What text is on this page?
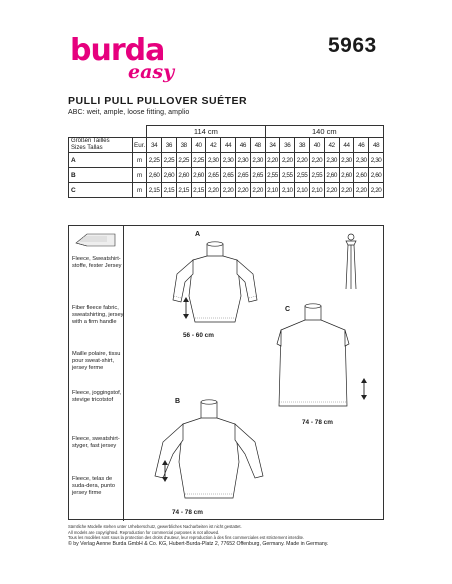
burda
easy
5963
PULLI PULL PULLOVER SUÉTER
ABC: weit, ample, loose fitting, amplio
		114 cm								140 cm							
Größen Tailles
Sizes Tallas	Eur.	34	36	38	40	42	44	46	48	34	36	38	40	42	44	46	48
A	m	2,25	2,25	2,25	2,25	2,30	2,30	2,30	2,30	2,20	2,20	2,20	2,20	2,30	2,30	2,30	2,30
B	m	2,60	2,60	2,60	2,60	2,65	2,65	2,65	2,65	2,55	2,55	2,55	2,55	2,60	2,60	2,60	2,60
C	m	2,15	2,15	2,15	2,15	2,20	2,20	2,20	2,20	2,10	2,10	2,10	2,10	2,20	2,20	2,20	2,20
Fleece, Sweatshirt-stoffe, fester Jersey
Fiber fleece fabric, sweatshirting, jersey with a firm handle
Maille polaire, tissu pour sweat-shirt, jersey ferme
Fleece, joggingstof, stevige tricotstof
Fleece, sweatshirt-styger, fast jersey
Fleece, telas de suda-dera, punto jersey firme
A
56 - 60 cm
C
74 - 78 cm
B
74 - 78 cm
Sämtliche Modelle stehen unter Urheberschutz, gewerbliches Nacharbeiten ist nicht gestattet.
All models are copyrighted. Reproduction for commercial purposes is not allowed.
Tous les modèles sont sous la protection des droits d'auteur, leur reproduction à des fins commerciales est strictement interdite.
© by Verlag Aenne Burda GmbH & Co. KG, Hubert-Burda-Platz 2, 77652 Offenburg, Germany. Made in Germany.
